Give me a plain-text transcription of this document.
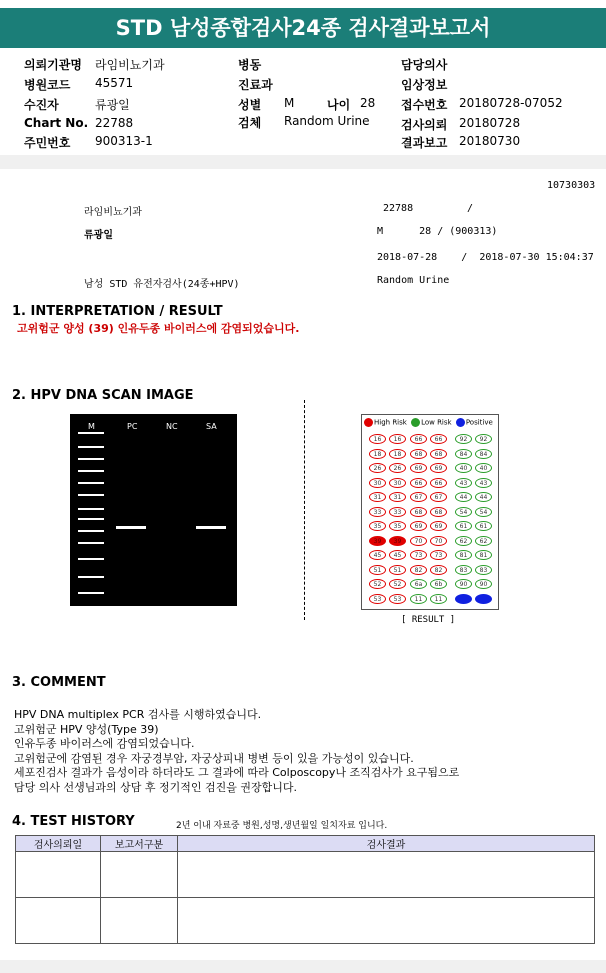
STD 남성종합검사24종 검사결과보고서
의뢰기관명 라임비뇨기과
병원코드 45571
수진자	류광일
Chart No. 22788
주민번호 900313-1
병동
진료과
성별 M	나이 28
검체 Random Urine
담당의사
임상정보
접수번호 20180728-07052
검사의뢰 20180728
결과보고 20180730
10730303
라임비뇨기과	22788	/
류광일	M      28 / (900313)
2018-07-28    /  2018-07-30 15:04:37
남성 STD 유전자검사(24종+HPV)	Random Urine
1. INTERPRETATION / RESULT
고위험군 양성 (39) 인유두종 바이러스에 감염되었습니다.
2. HPV DNA SCAN IMAGE
M	PC	NC	SA	High Risk Low Risk Positive
16	16	66	66	92	92
18	18	68	68	84	84
26	26	69	69	40	40
30	30	66	66	43	43
31	31	67	67	44	44
33	33	68	68	54	54
35	35	69	69	61	61
39	39	70	70	62	62
45	45	73	73	81	81
51	51	82	82	83	83
52	52	6a	6b	90	90
53	53	11	11
[ RESULT ]
3. COMMENT
HPV DNA multiplex PCR 검사를 시행하였습니다.
고위험군 HPV 양성(Type 39)
인유두종 바이러스에 감염되었습니다.
고위험군에 감염된 경우 자궁경부암, 자궁상피내 병변 등이 있을 가능성이 있습니다.
세포진검사 결과가 음성이라 하더라도 그 결과에 따라 Colposcopy나 조직검사가 요구됨으로
담당 의사 선생님과의 상담 후 정기적인 검진을 권장합니다.
4. TEST HISTORY	2년 이내 자료중 병원,성명,생년월일 일치자료 입니다.
검사의뢰일	보고서구분	검사결과
